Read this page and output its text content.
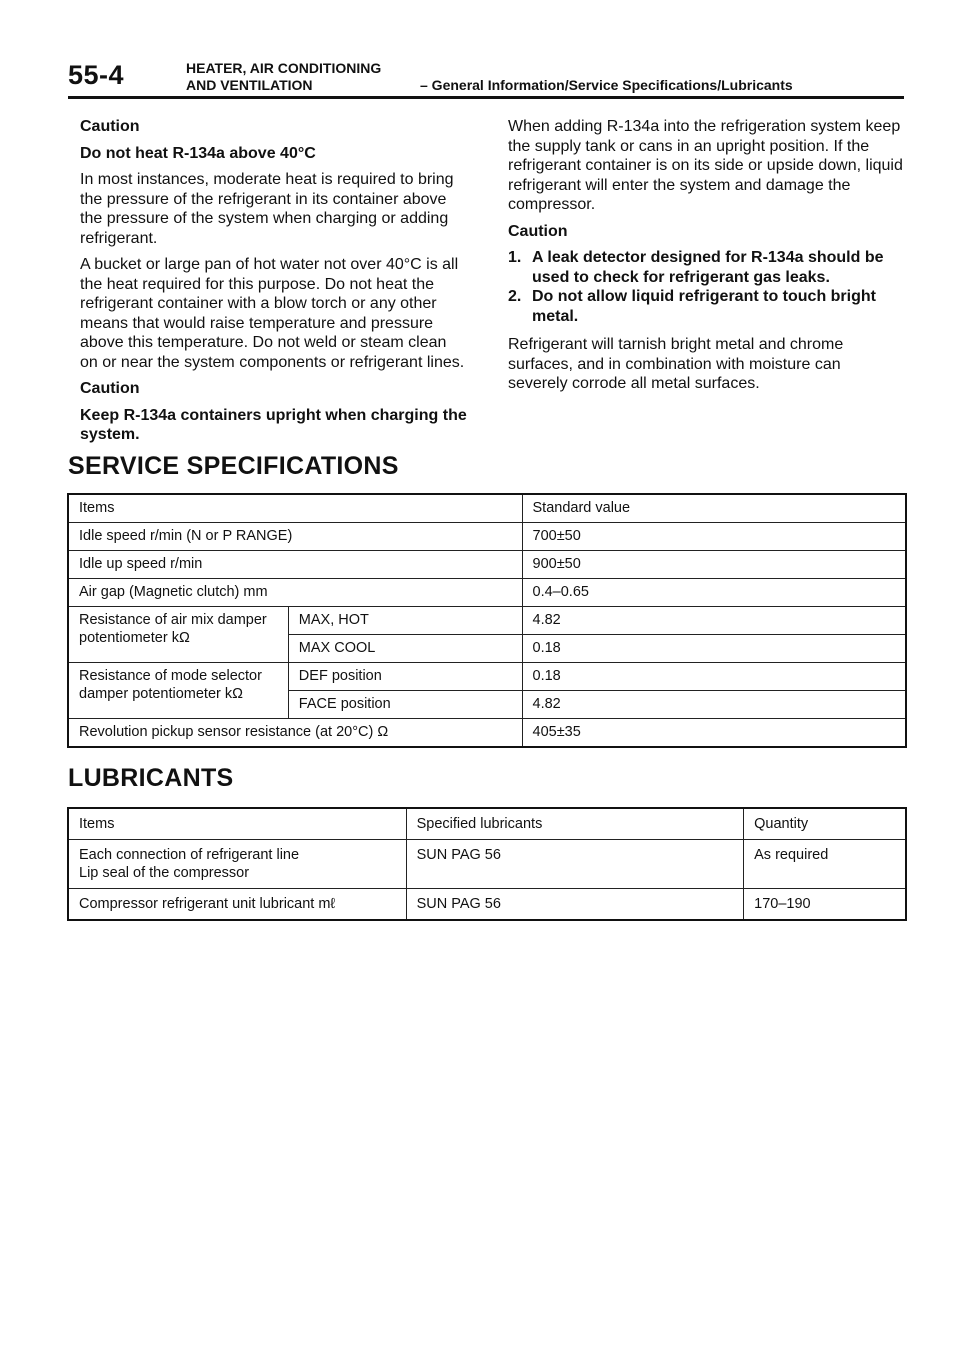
55-4	HEATER, AIR CONDITIONING
AND VENTILATION	– General Information/Service Specifications/Lubricants

Caution

Do not heat R-134a above 40°C

In most instances, moderate heat is required to bring the pressure of the refrigerant in its container above the pressure of the system when charging or adding refrigerant.

A bucket or large pan of hot water not over 40°C is all the heat required for this purpose. Do not heat the refrigerant container with a blow torch or any other means that would raise temperature and pressure above this temperature. Do not weld or steam clean on or near the system components or refrigerant lines.

Caution

Keep R-134a containers upright when charging the system.

When adding R-134a into the refrigeration system keep the supply tank or cans in an upright position. If the refrigerant container is on its side or upside down, liquid refrigerant will enter the system and damage the compressor.

Caution

1. A leak detector designed for R-134a should be used to check for refrigerant gas leaks.
2. Do not allow liquid refrigerant to touch bright metal.

Refrigerant will tarnish bright metal and chrome surfaces, and in combination with moisture can severely corrode all metal surfaces.

SERVICE SPECIFICATIONS
Items		Standard value
Idle speed r/min (N or P RANGE)		700±50
Idle up speed r/min		900±50
Air gap (Magnetic clutch) mm		0.4–0.65
Resistance of air mix damper potentiometer kΩ	MAX, HOT	4.82
	MAX COOL	0.18
Resistance of mode selector damper potentiometer kΩ	DEF position	0.18
	FACE position	4.82
Revolution pickup sensor resistance (at 20°C) Ω		405±35
LUBRICANTS
Items	Specified lubricants	Quantity

Each connection of refrigerant line
Lip seal of the compressor	SUN PAG 56	As required
Compressor refrigerant unit lubricant mℓ	SUN PAG 56	170–190
